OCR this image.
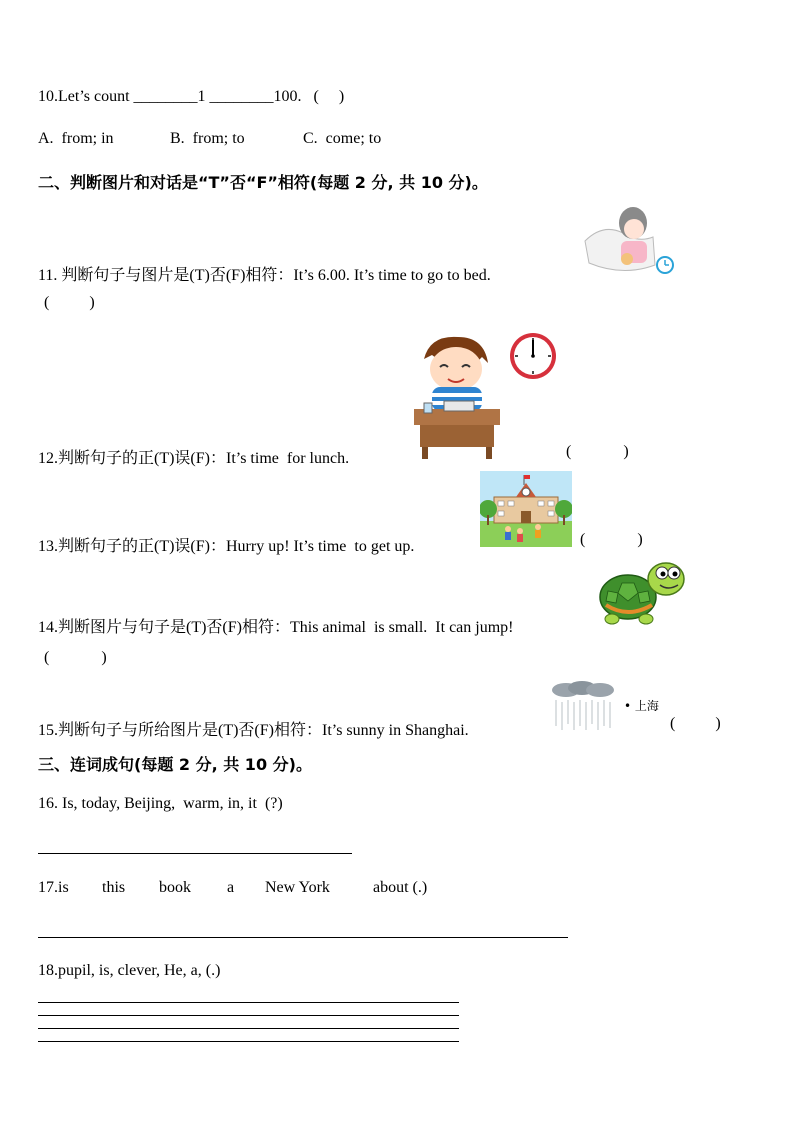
10.Let’s count ________1 ________100.   (     )
A.  from; in	B.  from; to	C.  come; to
二、判断图片和对话是“T”否“F”相符(每题 2 分, 共 10 分)。
11. 判断句子与图片是(T)否(F)相符：It’s 6.00. It’s time to go to bed.
(          )
12.判断句子的正(T)误(F)：It’s time  for lunch.	(             )
13.判断句子的正(T)误(F)：Hurry up! It’s time  to get up.	(             )
14.判断图片与句子是(T)否(F)相符：This animal  is small.  It can jump!
(             )
• 上海
15.判断句子与所给图片是(T)否(F)相符：It’s sunny in Shanghai.	(          )
三、连词成句(每题 2 分, 共 10 分)。
16. Is, today, Beijing,  warm, in, it  (?)
17.is this book a New York	about (.)
18.pupil, is, clever, He, a, (.)
